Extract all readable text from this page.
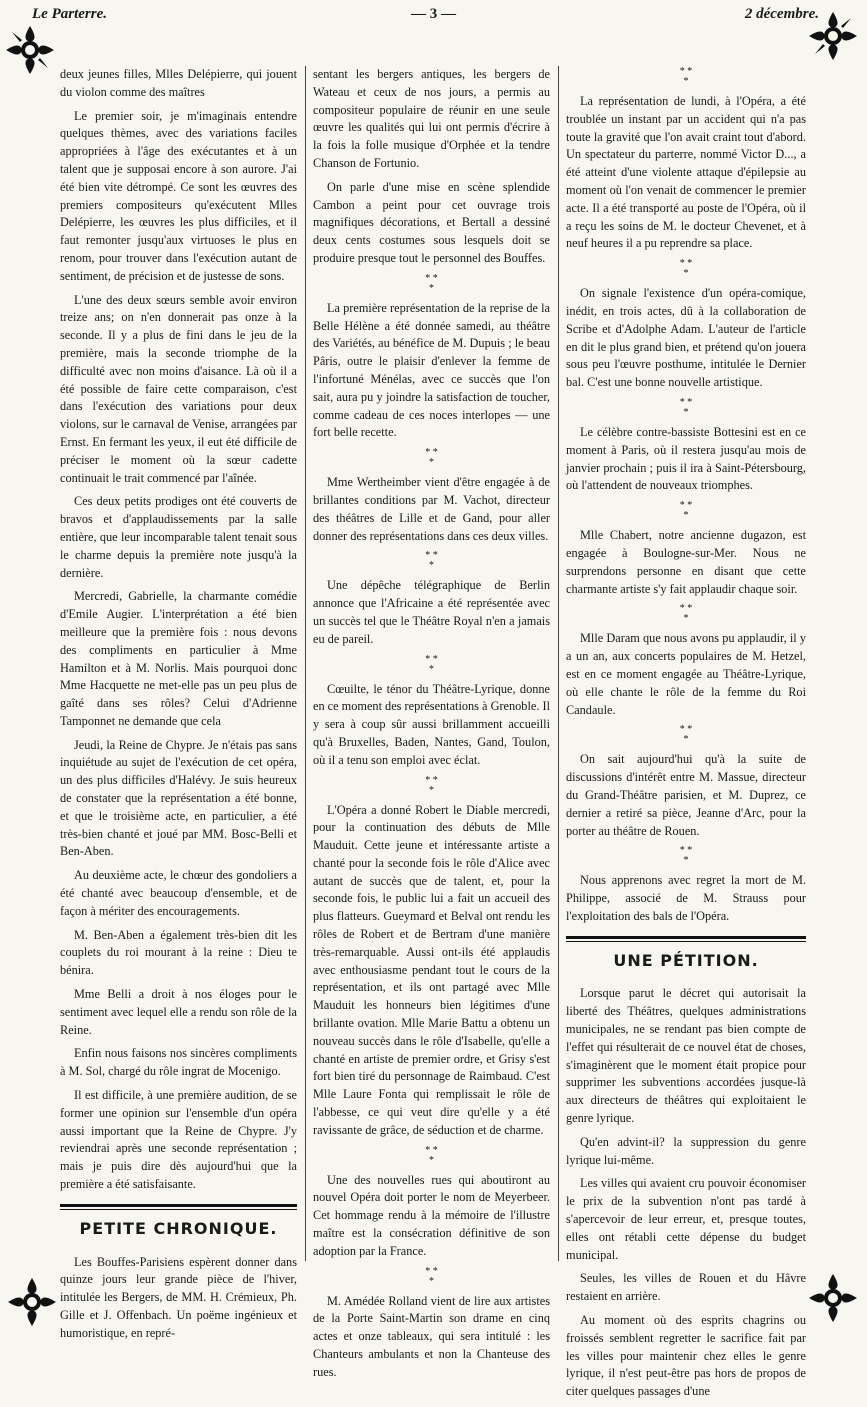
Le Parterre.	— 3 —	2 décembre.

deux jeunes filles, Mlles Delépierre, qui jouent du violon comme des maîtres

Le premier soir, je m'imaginais entendre quelques thèmes, avec des variations faciles appropriées à l'âge des exécutantes et à un talent que je supposai encore à son aurore. J'ai été bien vite détrompé. Ce sont les œuvres des premiers compositeurs qu'exécutent Mlles Delépierre, les œuvres les plus difficiles, et il faut remonter jusqu'aux virtuoses le plus en renom, pour trouver dans l'exécution autant de sentiment, de précision et de justesse de sons.

L'une des deux sœurs semble avoir environ treize ans; on n'en donnerait pas onze à la seconde. Il y a plus de fini dans le jeu de la première, mais la seconde triomphe de la difficulté avec non moins d'aisance. Là où il a été possible de faire cette comparaison, c'est dans l'exécution des variations pour deux violons, sur le carnaval de Venise, arrangées par Ernst. En fermant les yeux, il eut été difficile de préciser le moment où la sœur cadette continuait le trait commencé par l'aînée.

Ces deux petits prodiges ont été couverts de bravos et d'applaudissements par la salle entière, que leur incomparable talent tenait sous le charme depuis la première note jusqu'à la dernière.

Mercredi, Gabrielle, la charmante comédie d'Emile Augier. L'interprétation a été bien meilleure que la première fois : nous devons des compliments en particulier à Mme Hamilton et à M. Norlis. Mais pourquoi donc Mme Hacquette ne met-elle pas un peu plus de gaîté dans ses rôles? Celui d'Adrienne Tamponnet ne demande que cela

Jeudi, la Reine de Chypre. Je n'étais pas sans inquiétude au sujet de l'exécution de cet opéra, un des plus difficiles d'Halévy. Je suis heureux de constater que la représentation a été bonne, et que le troisième acte, en particulier, a été très-bien chanté et joué par MM. Bosc-Belli et Ben-Aben.

Au deuxième acte, le chœur des gondoliers a été chanté avec beaucoup d'ensemble, et de façon à mériter des encouragements.

M. Ben-Aben a également très-bien dit les couplets du roi mourant à la reine : Dieu te bénira.

Mme Belli a droit à nos éloges pour le sentiment avec lequel elle a rendu son rôle de la Reine.

Enfin nous faisons nos sincères compliments à M. Sol, chargé du rôle ingrat de Mocenigo.

Il est difficile, à une première audition, de se former une opinion sur l'ensemble d'un opéra aussi important que la Reine de Chypre. J'y reviendrai après une seconde représentation ; mais je puis dire dès aujourd'hui que la première a été satisfaisante.

PETITE CHRONIQUE.

Les Bouffes-Parisiens espèrent donner dans quinze jours leur grande pièce de l'hiver, intitulée les Bergers, de MM. H. Crémieux, Ph. Gille et J. Offenbach. Un poëme ingénieux et humoristique, en repré-

sentant les bergers antiques, les bergers de Wateau et ceux de nos jours, a permis au compositeur populaire de réunir en une seule œuvre les qualités qui lui ont permis d'écrire à la fois la folle musique d'Orphée et la tendre Chanson de Fortunio.

On parle d'une mise en scène splendide Cambon a peint pour cet ouvrage trois magnifiques décorations, et Bertall a dessiné deux cents costumes sous lesquels doit se produire presque tout le personnel des Bouffes.

* *
*

La première représentation de la reprise de la Belle Hélène a été donnée samedi, au théâtre des Variétés, au bénéfice de M. Dupuis ; le beau Pâris, outre le plaisir d'enlever la femme de l'infortuné Ménélas, avec ce succès que l'on sait, aura pu y joindre la satisfaction de toucher, comme cadeau de ces noces interlopes — une fort belle recette.

* *
*

Mme Wertheimber vient d'être engagée à de brillantes conditions par M. Vachot, directeur des théâtres de Lille et de Gand, pour aller donner des représentations dans ces deux villes.

* *
*

Une dépêche télégraphique de Berlin annonce que l'Africaine a été représentée avec un succès tel que le Théâtre Royal n'en a jamais eu de pareil.

* *
*

Cœuilte, le ténor du Théâtre-Lyrique, donne en ce moment des représentations à Grenoble. Il y sera à coup sûr aussi brillamment accueilli qu'à Bruxelles, Baden, Nantes, Gand, Toulon, où il a tenu son emploi avec éclat.

* *
*

L'Opéra a donné Robert le Diable mercredi, pour la continuation des débuts de Mlle Mauduit. Cette jeune et intéressante artiste a chanté pour la seconde fois le rôle d'Alice avec autant de succès que de talent, et, pour la seconde fois, le public lui a fait un accueil des plus flatteurs. Gueymard et Belval ont rendu les rôles de Robert et de Bertram d'une manière très-remarquable. Aussi ont-ils été applaudis avec enthousiasme pendant tout le cours de la représentation, et ils ont partagé avec Mlle Mauduit les honneurs bien légitimes d'une brillante ovation. Mlle Marie Battu a obtenu un nouveau succès dans le rôle d'Isabelle, qu'elle a chanté en artiste de premier ordre, et Grisy s'est fort bien tiré du personnage de Raimbaud. C'est Mlle Laure Fonta qui remplissait le rôle de l'abbesse, ce qui veut dire qu'elle y a été ravissante de grâce, de séduction et de charme.

* *
*

Une des nouvelles rues qui aboutiront au nouvel Opéra doit porter le nom de Meyerbeer. Cet hommage rendu à la mémoire de l'illustre maître est la consécration définitive de son adoption par la France.

* *
*

M. Amédée Rolland vient de lire aux artistes de la Porte Saint-Martin son drame en cinq actes et onze tableaux, qui sera intitulé : les Chanteurs ambulants et non la Chanteuse des rues.

* *
*

La représentation de lundi, à l'Opéra, a été troublée un instant par un accident qui n'a pas toute la gravité que l'on avait craint tout d'abord. Un spectateur du parterre, nommé Victor D..., a été atteint d'une violente attaque d'épilepsie au moment où l'on venait de commencer le premier acte. Il a été transporté au poste de l'Opéra, où il a reçu les soins de M. le docteur Chevenet, et à neuf heures il a pu reprendre sa place.

* *
*

On signale l'existence d'un opéra-comique, inédit, en trois actes, dû à la collaboration de Scribe et d'Adolphe Adam. L'auteur de l'article en dit le plus grand bien, et prétend qu'on jouera sous peu l'œuvre posthume, intitulée le Dernier bal. C'est une bonne nouvelle artistique.

* *
*

Le célèbre contre-bassiste Bottesini est en ce moment à Paris, où il restera jusqu'au mois de janvier prochain ; puis il ira à Saint-Pétersbourg, où l'attendent de nouveaux triomphes.

* *
*

Mlle Chabert, notre ancienne dugazon, est engagée à Boulogne-sur-Mer. Nous ne surprendons personne en disant que cette charmante artiste s'y fait applaudir chaque soir.

* *
*

Mlle Daram que nous avons pu applaudir, il y a un an, aux concerts populaires de M. Hetzel, est en ce moment engagée au Théâtre-Lyrique, où elle chante le rôle de la femme du Roi Candaule.

* *
*

On sait aujourd'hui qu'à la suite de discussions d'intérêt entre M. Massue, directeur du Grand-Théâtre parisien, et M. Duprez, ce dernier a retiré sa pièce, Jeanne d'Arc, pour la porter au théâtre de Rouen.

* *
*

Nous apprenons avec regret la mort de M. Philippe, associé de M. Strauss pour l'exploitation des bals de l'Opéra.

UNE PÉTITION.

Lorsque parut le décret qui autorisait la liberté des Théâtres, quelques administrations municipales, ne se rendant pas bien compte de l'effet qui résulterait de ce nouvel état de choses, s'imaginèrent que le moment était propice pour supprimer les subventions accordées jusque-là aux directeurs de théâtres qui exploitaient le genre lyrique.

Qu'en advint-il? la suppression du genre lyrique lui-même.

Les villes qui avaient cru pouvoir économiser le prix de la subvention n'ont pas tardé à s'apercevoir de leur erreur, et, presque toutes, elles ont rétabli cette dépense du budget municipal.

Seules, les villes de Rouen et du Hâvre restaient en arrière.

Au moment où des esprits chagrins ou froissés semblent regretter le sacrifice fait par les villes pour maintenir chez elles le genre lyrique, il n'est peut-être pas hors de propos de citer quelques passages d'une
